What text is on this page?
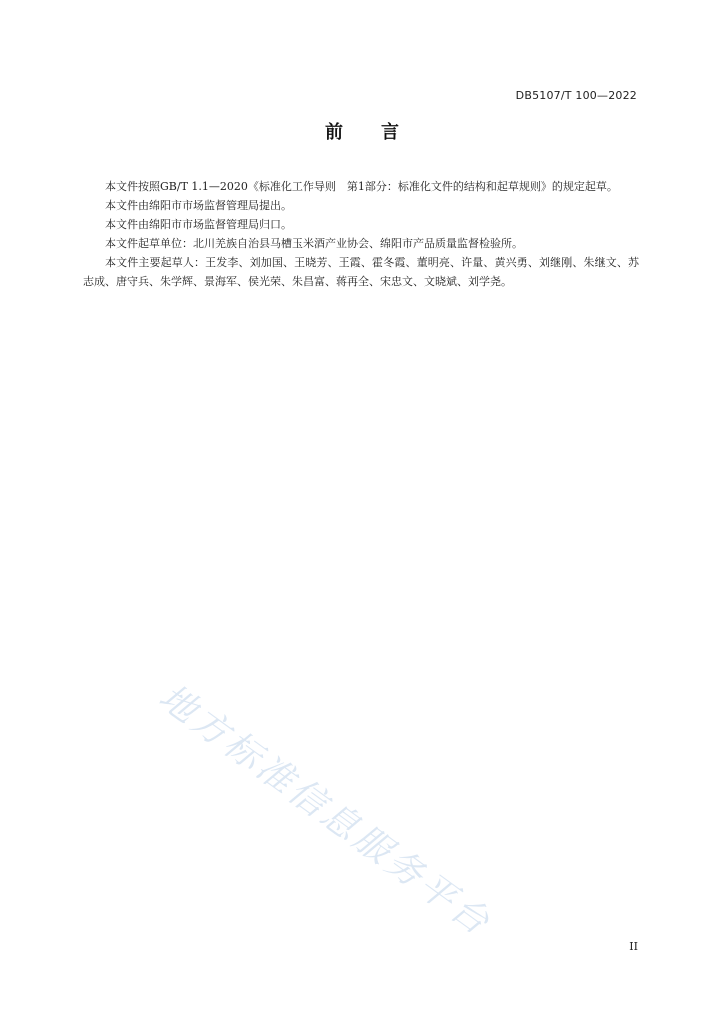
DB5107/T 100—2022
前 言

本文件按照GB/T 1.1—2020《标准化工作导则　第1部分：标准化文件的结构和起草规则》的规定起草。

本文件由绵阳市市场监督管理局提出。

本文件由绵阳市市场监督管理局归口。

本文件起草单位：北川羌族自治县马槽玉米酒产业协会、绵阳市产品质量监督检验所。

本文件主要起草人：王发李、刘加国、王晓芳、王霞、霍冬霞、董明亮、许量、黄兴勇、刘继刚、朱继文、苏志成、唐守兵、朱学辉、景海军、侯光荣、朱昌富、蒋再全、宋忠文、文晓斌、刘学尧。

地方标准信息服务平台
II
